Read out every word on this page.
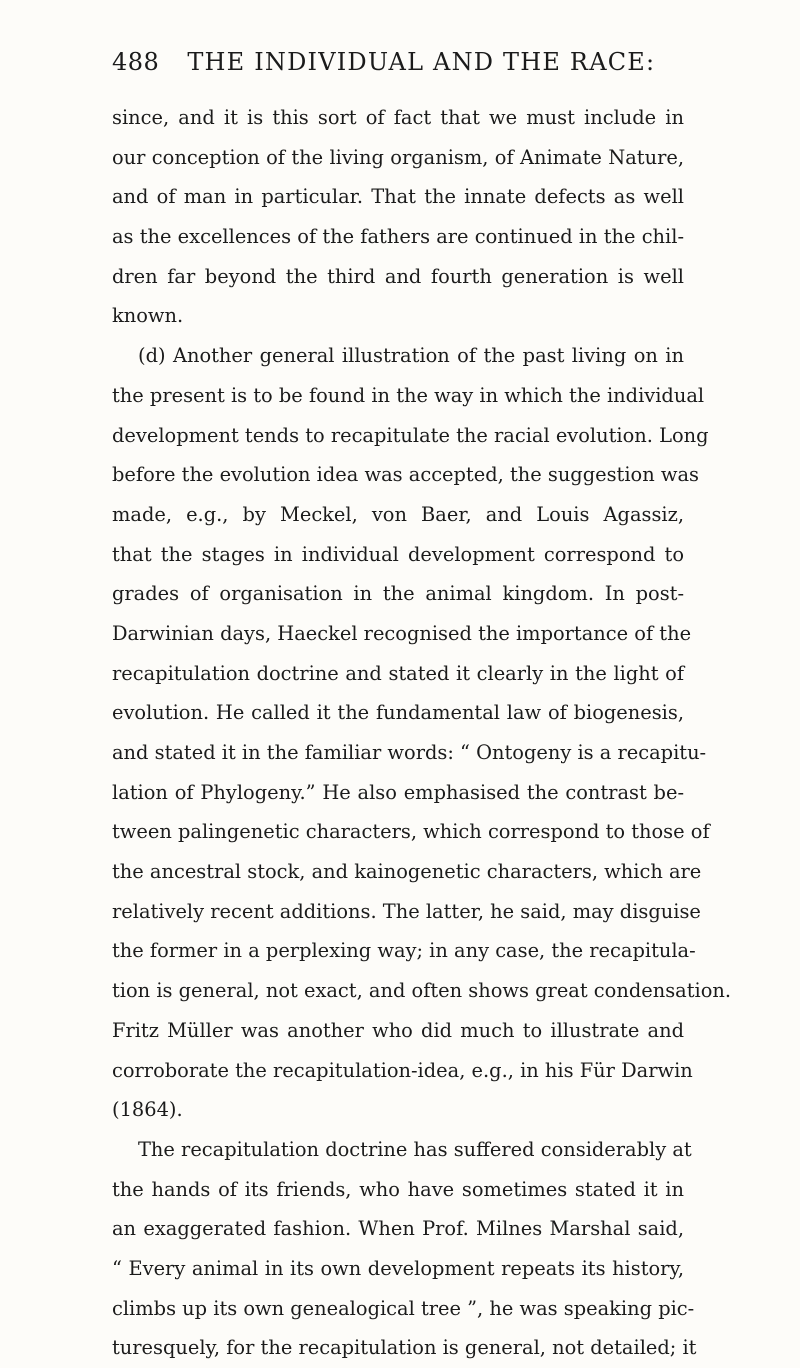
488 THE INDIVIDUAL AND THE RACE:
since, and it is this sort of fact that we must include in
our conception of the living organism, of Animate Nature,
and of man in particular. That the innate defects as well
as the excellences of the fathers are continued in the chil-
dren far beyond the third and fourth generation is well
known.
(d) Another general illustration of the past living on in
the present is to be found in the way in which the individual
development tends to recapitulate the racial evolution. Long
before the evolution idea was accepted, the suggestion was
made, e.g., by Meckel, von Baer, and Louis Agassiz,
that the stages in individual development correspond to
grades of organisation in the animal kingdom. In post-
Darwinian days, Haeckel recognised the importance of the
recapitulation doctrine and stated it clearly in the light of
evolution. He called it the fundamental law of biogenesis,
and stated it in the familiar words: “ Ontogeny is a recapitu-
lation of Phylogeny.” He also emphasised the contrast be-
tween palingenetic characters, which correspond to those of
the ancestral stock, and kainogenetic characters, which are
relatively recent additions. The latter, he said, may disguise
the former in a perplexing way; in any case, the recapitula-
tion is general, not exact, and often shows great condensation.
Fritz Müller was another who did much to illustrate and
corroborate the recapitulation-idea, e.g., in his Für Darwin
(1864).
The recapitulation doctrine has suffered considerably at
the hands of its friends, who have sometimes stated it in
an exaggerated fashion. When Prof. Milnes Marshal said,
“ Every animal in its own development repeats its history,
climbs up its own genealogical tree ”, he was speaking pic-
turesquely, for the recapitulation is general, not detailed; it
